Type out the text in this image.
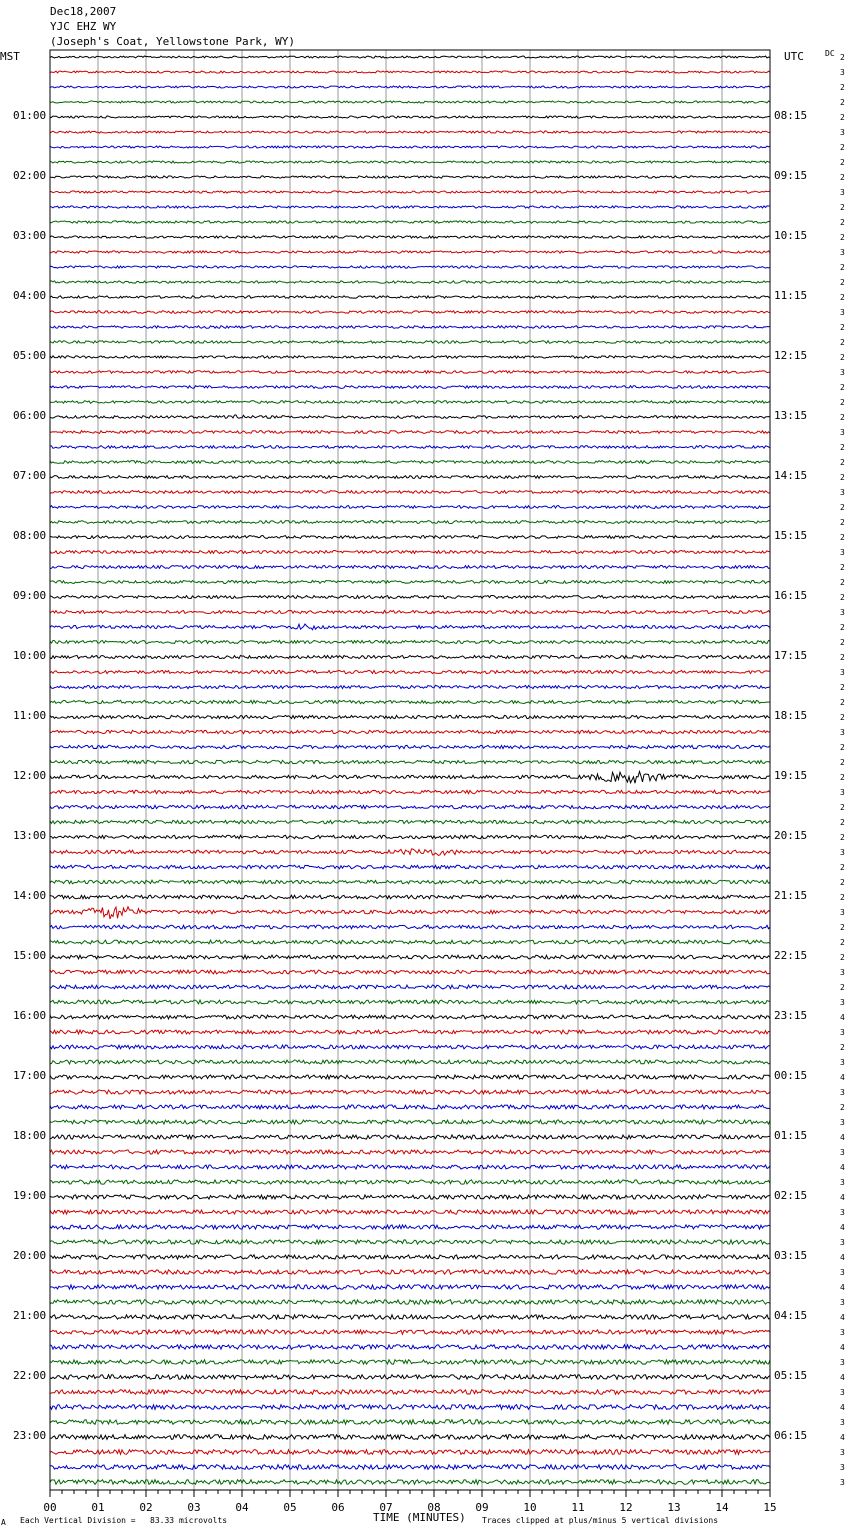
00	01	02	03	04	05	06	07	08	09	10	11	12	13	14	15
Dec18,2007
YJC EHZ WY
(Joseph's Coat, Yellowstone Park, WY)
MST	UTC	DC
01:00
02:00
03:00
04:00
05:00
06:00
07:00
08:00
09:00
10:00
11:00
12:00
13:00
14:00
15:00
16:00
17:00
18:00
19:00
20:00
21:00
22:00
23:00
08:15
09:15
10:15
11:15
12:15
13:15
14:15
15:15
16:15
17:15
18:15
19:15
20:15
21:15
22:15
23:15
00:15
01:15
02:15
03:15
04:15
05:15
06:15
2
3
2
2
2
3
2
2
2
3
2
2
2
3
2
2
2
3
2
2
2
3
2
2
2
3
2
2
2
3
2
2
2
3
2
2
2
3
2
2
2
3
2
2
2
3
2
2
2
3
2
2
2
3
2
2
2
3
2
2
2
3
2
3
4
3
2
3
4
3
2
3
4
3
4
3
4
3
4
3
4
3
4
3
4
3
4
3
4
3
4
3
4
3
3
3
TIME (MINUTES)
A Each Vertical Division =   83.33 microvolts	Traces clipped at plus/minus 5 vertical divisions
